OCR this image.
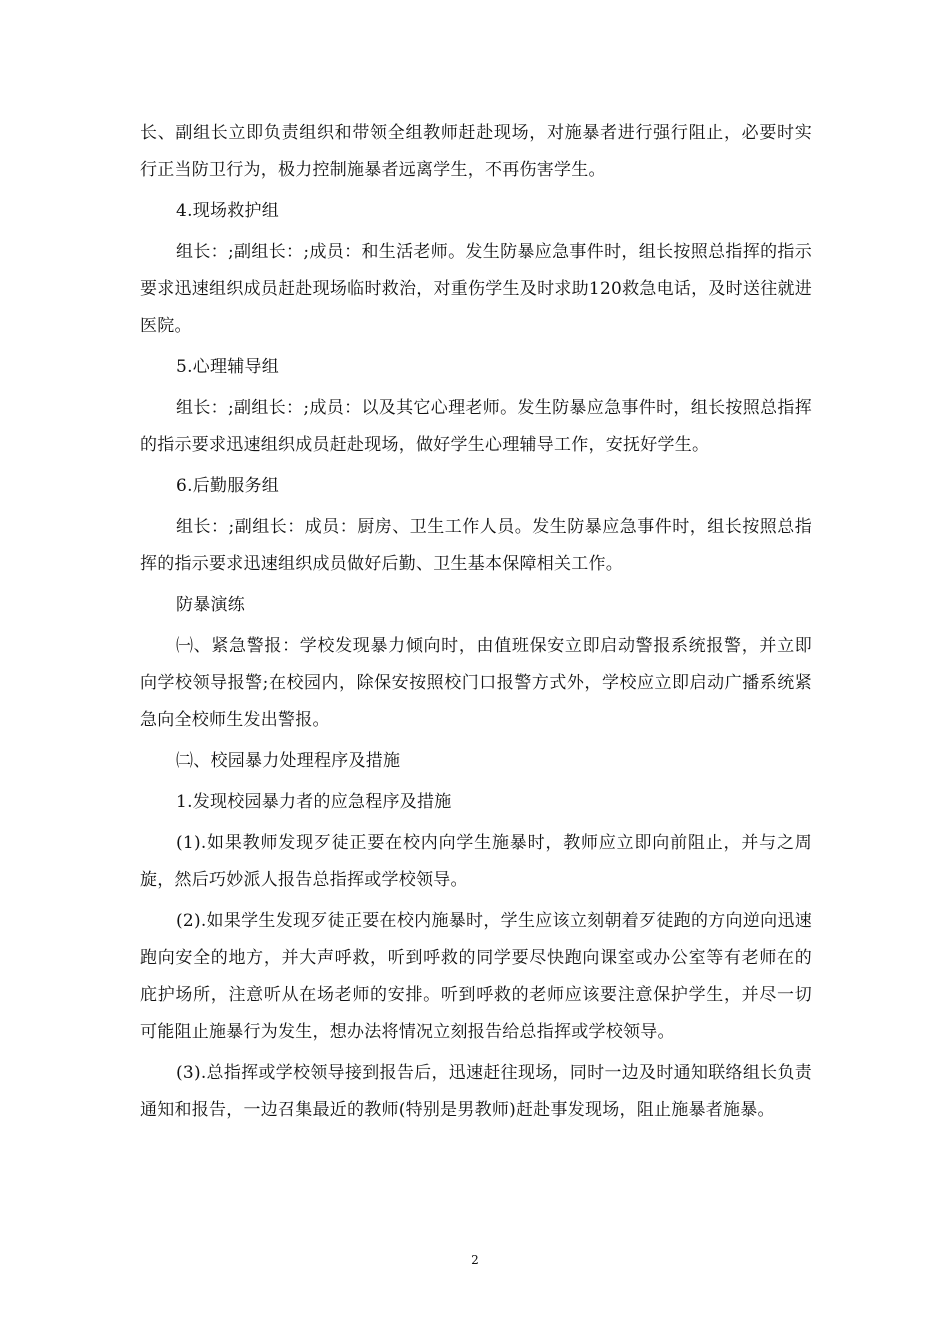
长、副组长立即负责组织和带领全组教师赶赴现场，对施暴者进行强行阻止，必要时实行正当防卫行为，极力控制施暴者远离学生，不再伤害学生。

4.现场救护组

组长：;副组长：;成员：和生活老师。发生防暴应急事件时，组长按照总指挥的指示要求迅速组织成员赶赴现场临时救治，对重伤学生及时求助120救急电话，及时送往就进医院。

5.心理辅导组

组长：;副组长：;成员：以及其它心理老师。发生防暴应急事件时，组长按照总指挥的指示要求迅速组织成员赶赴现场，做好学生心理辅导工作，安抚好学生。

6.后勤服务组

组长：;副组长：成员：厨房、卫生工作人员。发生防暴应急事件时，组长按照总指挥的指示要求迅速组织成员做好后勤、卫生基本保障相关工作。

防暴演练

㈠、紧急警报：学校发现暴力倾向时，由值班保安立即启动警报系统报警，并立即向学校领导报警;在校园内，除保安按照校门口报警方式外，学校应立即启动广播系统紧急向全校师生发出警报。

㈡、校园暴力处理程序及措施

1.发现校园暴力者的应急程序及措施

(1).如果教师发现歹徒正要在校内向学生施暴时，教师应立即向前阻止，并与之周旋，然后巧妙派人报告总指挥或学校领导。

(2).如果学生发现歹徒正要在校内施暴时，学生应该立刻朝着歹徒跑的方向逆向迅速跑向安全的地方，并大声呼救，听到呼救的同学要尽快跑向课室或办公室等有老师在的庇护场所，注意听从在场老师的安排。听到呼救的老师应该要注意保护学生，并尽一切可能阻止施暴行为发生，想办法将情况立刻报告给总指挥或学校领导。

(3).总指挥或学校领导接到报告后，迅速赶往现场，同时一边及时通知联络组长负责通知和报告，一边召集最近的教师(特别是男教师)赶赴事发现场，阻止施暴者施暴。

2
